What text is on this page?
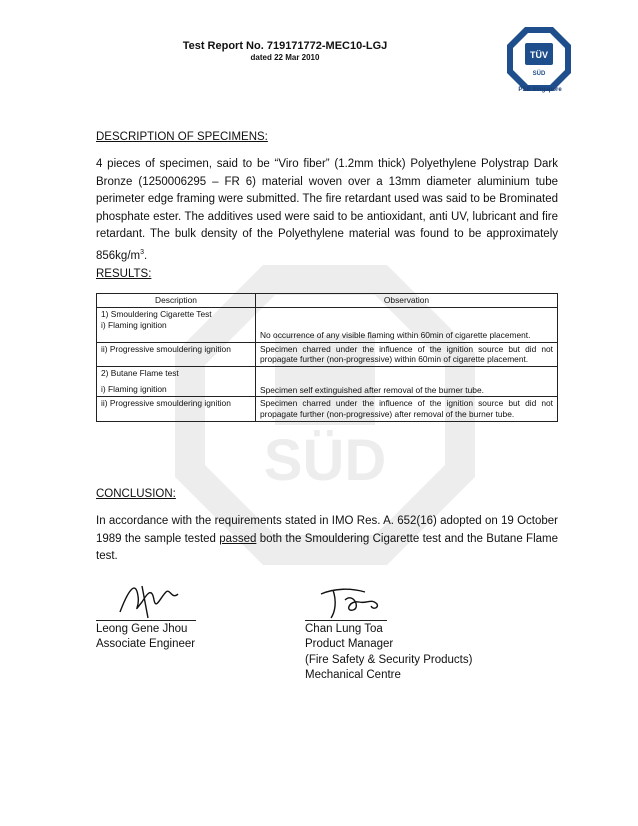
SÜD
Test Report No. 719171772-MEC10-LGJ
dated 22 Mar 2010	TÜV
SÜD
PSB Singapore
DESCRIPTION OF SPECIMENS:
4 pieces of specimen, said to be “Viro fiber” (1.2mm thick) Polyethylene Polystrap Dark Bronze (1250006295 – FR 6) material woven over a 13mm diameter aluminium tube perimeter edge framing were submitted. The fire retardant used was said to be Brominated phosphate ester. The additives used were said to be antioxidant, anti UV, lubricant and fire retardant. The bulk density of the Polyethylene material was found to be approximately $856kg/m^3$.
RESULTS:
Description	Observation

1) Smouldering Cigarette Test
i) Flaming ignition	No occurrence of any visible flaming within 60min of cigarette placement.
ii) Progressive smouldering ignition	Specimen charred under the influence of the ignition source but did not propagate further (non-progressive) within 60min of cigarette placement.

2) Butane Flame test
i) Flaming ignition	Specimen self extinguished after removal of the burner tube.
ii) Progressive smouldering ignition	Specimen charred under the influence of the ignition source but did not propagate further (non-progressive) after removal of the burner tube.
CONCLUSION:
In accordance with the requirements stated in IMO Res. A. 652(16) adopted on 19 October 1989 the sample tested passed both the Smouldering Cigarette test and the Butane Flame test.
Leong Gene Jhou
Associate Engineer
Chan Lung Toa
Product Manager
(Fire Safety & Security Products)
Mechanical Centre
